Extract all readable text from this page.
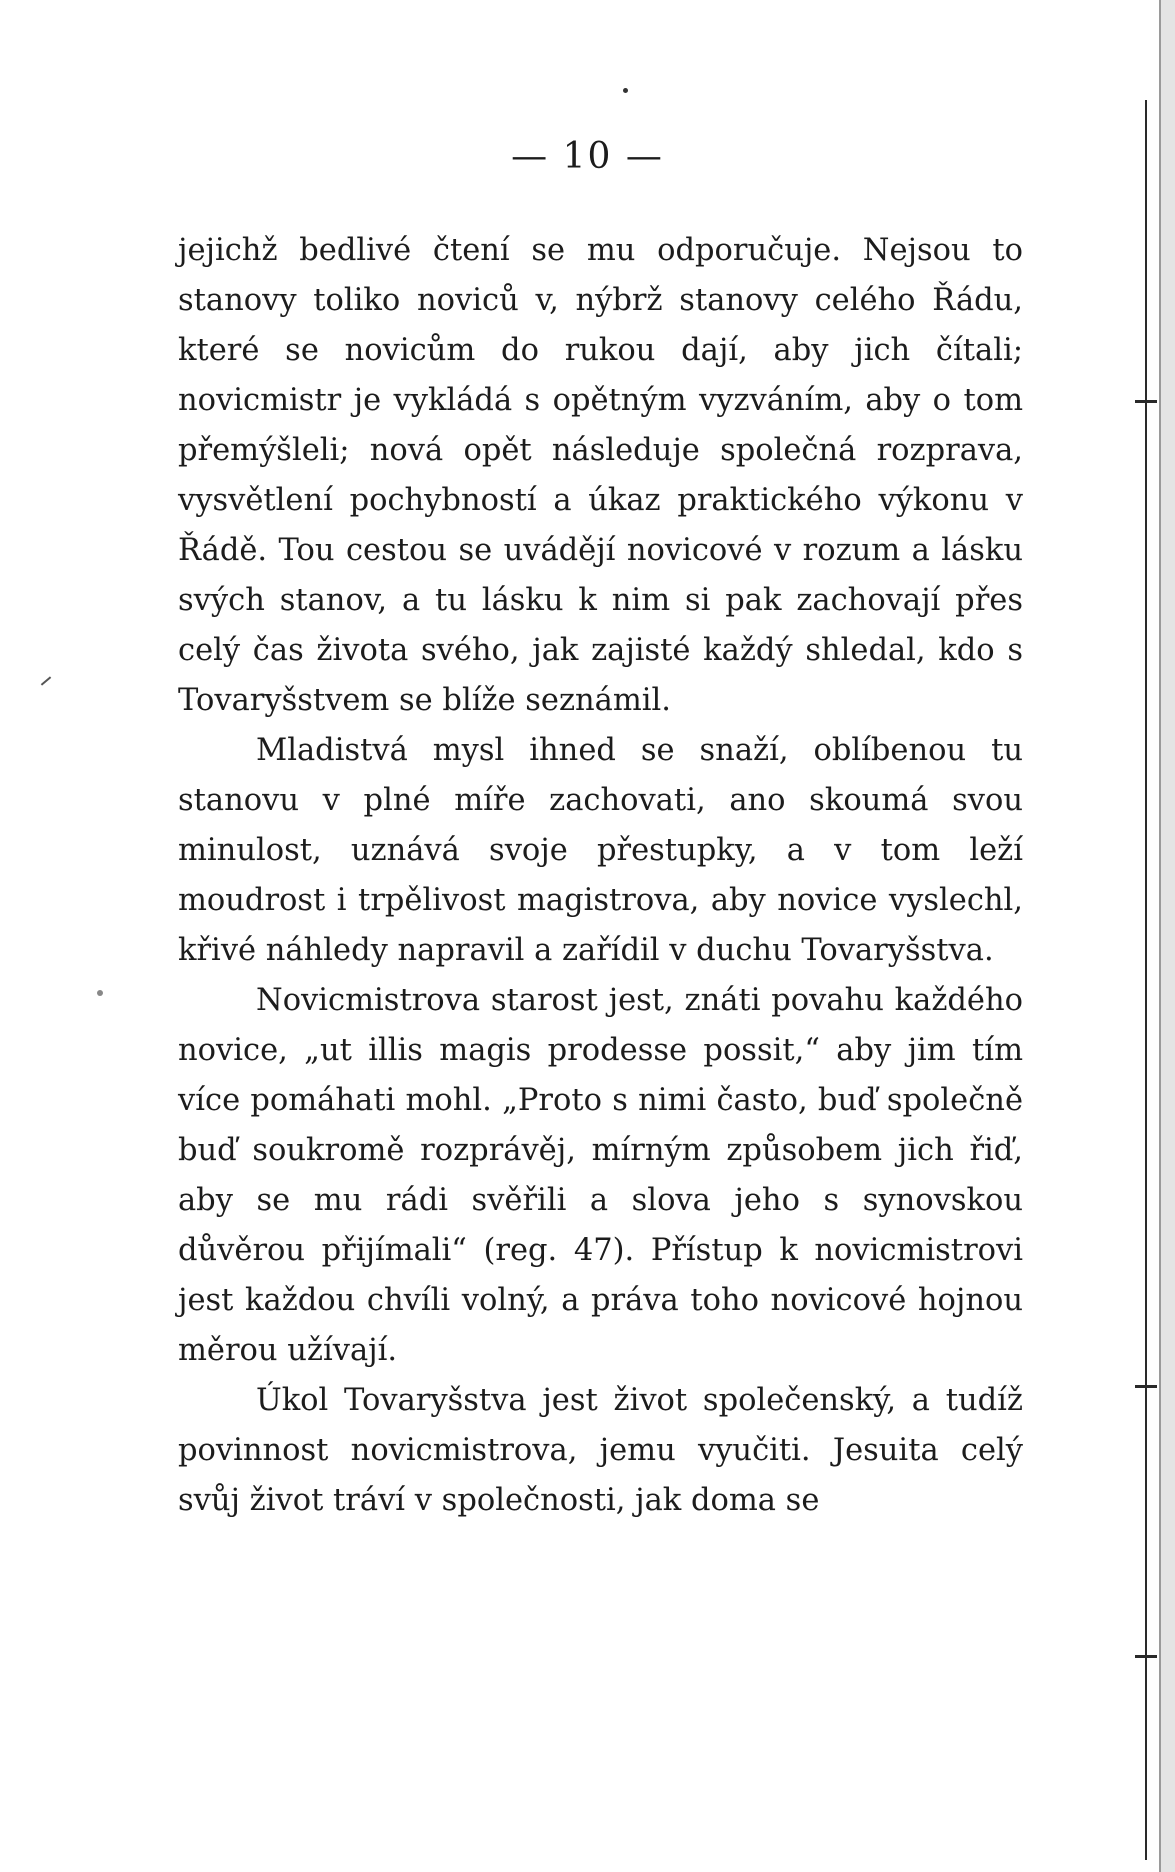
— 10 —

jejichž bedlivé čtení se mu odporučuje. Nejsou to stanovy toliko noviců v, nýbrž stanovy celého Řádu, které se novicům do rukou dají, aby jich čítali; novicmistr je vykládá s opětným vyzváním, aby o tom přemýšleli; nová opět následuje společná rozprava, vysvětlení pochybností a úkaz praktického výkonu v Řádě. Tou cestou se uvádějí novicové v rozum a lásku svých stanov, a tu lásku k nim si pak zachovají přes celý čas života svého, jak zajisté každý shledal, kdo s Tovaryšstvem se blíže seznámil.

Mladistvá mysl ihned se snaží, oblíbenou tu stanovu v plné míře zachovati, ano skoumá svou minulost, uznává svoje přestupky, a v tom leží moudrost i trpělivost magistrova, aby novice vyslechl, křivé náhledy napravil a zařídil v duchu Tovaryšstva.

Novicmistrova starost jest, znáti povahu každého novice, „ut illis magis prodesse possit,“ aby jim tím více pomáhati mohl. „Proto s nimi často, buď společně buď soukromě rozprávěj, mírným způsobem jich řiď, aby se mu rádi svěřili a slova jeho s synovskou důvěrou přijímali“ (reg. 47). Přístup k novicmistrovi jest každou chvíli volný, a práva toho novicové hojnou měrou užívají.

Úkol Tovaryšstva jest život společenský, a tudíž povinnost novicmistrova, jemu vyučiti. Jesuita celý svůj život tráví v společnosti, jak doma se
